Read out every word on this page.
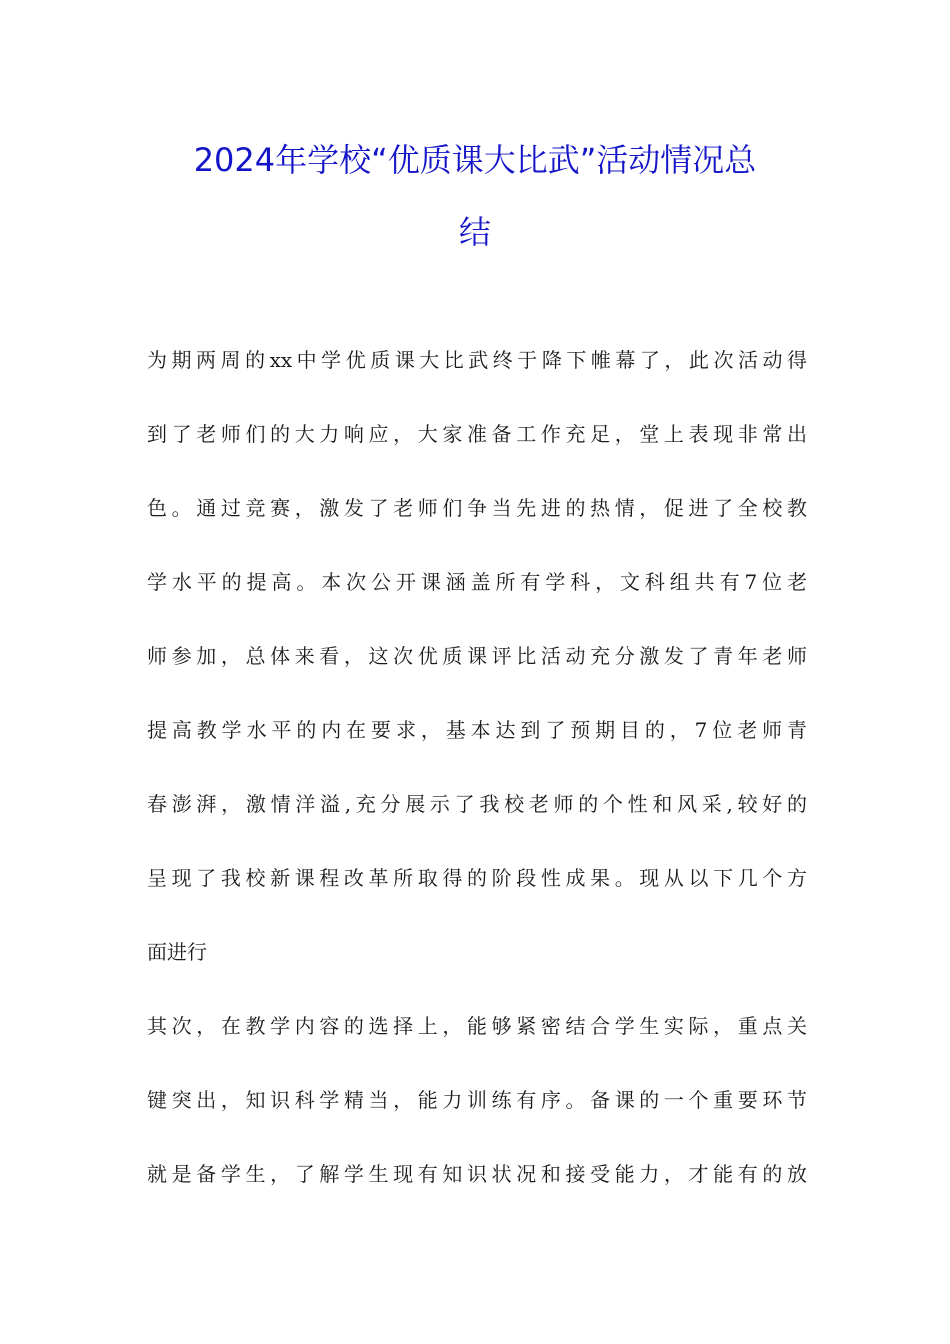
2024年学校“优质课大比武”活动情况总
结
为期两周的xx中学优质课大比武终于降下帷幕了，此次活动得
到了老师们的大力响应，大家准备工作充足，堂上表现非常出
色。通过竞赛，激发了老师们争当先进的热情，促进了全校教
学水平的提高。本次公开课涵盖所有学科，文科组共有7位老
师参加，总体来看，这次优质课评比活动充分激发了青年老师
提高教学水平的内在要求，基本达到了预期目的，7位老师青
春澎湃，激情洋溢,充分展示了我校老师的个性和风采,较好的
呈现了我校新课程改革所取得的阶段性成果。现从以下几个方
面进行
其次，在教学内容的选择上，能够紧密结合学生实际，重点关
键突出，知识科学精当，能力训练有序。备课的一个重要环节
就是备学生，了解学生现有知识状况和接受能力，才能有的放
